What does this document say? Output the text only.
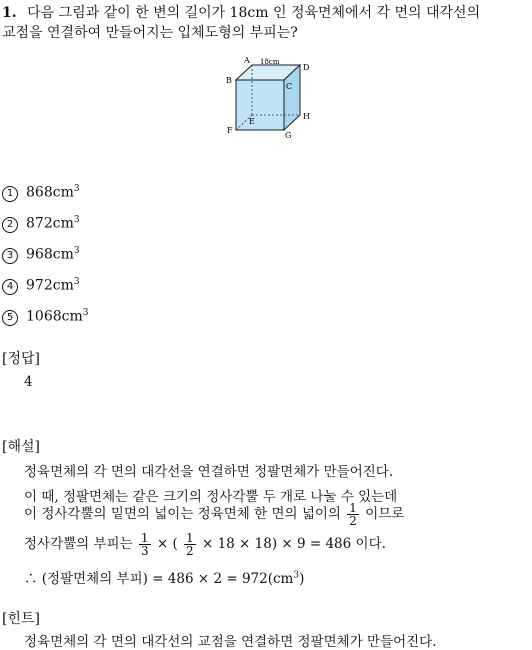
1. 다음 그림과 같이 한 변의 길이가 18cm 인 정육면체에서 각 면의 대각선의
교점을 연결하여 만들어지는 입체도형의 부피는?
A 18cm
B
C
D
E
F
G
H
1 $868cm^3$
2 $872cm^3$
3 $968cm^3$
4 $972cm^3$
5 $1068cm^3$
[정답]
4
[해설]
정육면체의 각 면의 대각선을 연결하면 정팔면체가 만들어진다.
이 때, 정팔면체는 같은 크기의 정사각뿔 두 개로 나눌 수 있는데
이 정사각뿔의 밑면의 넓이는 정육면체 한 면의 넓이의 $\frac{1}{2}$ 이므로
정사각뿔의 부피는 $\frac{1}{3}$ × ( $\frac{1}{2} \times 18 \times 18) \times 9 = 486$ 이다.
∴ (정팔면체의 부피) = $486 \times 2 = 972(cm^3)$
[힌트]
정육면체의 각 면의 대각선의 교점을 연결하면 정팔면체가 만들어진다.
